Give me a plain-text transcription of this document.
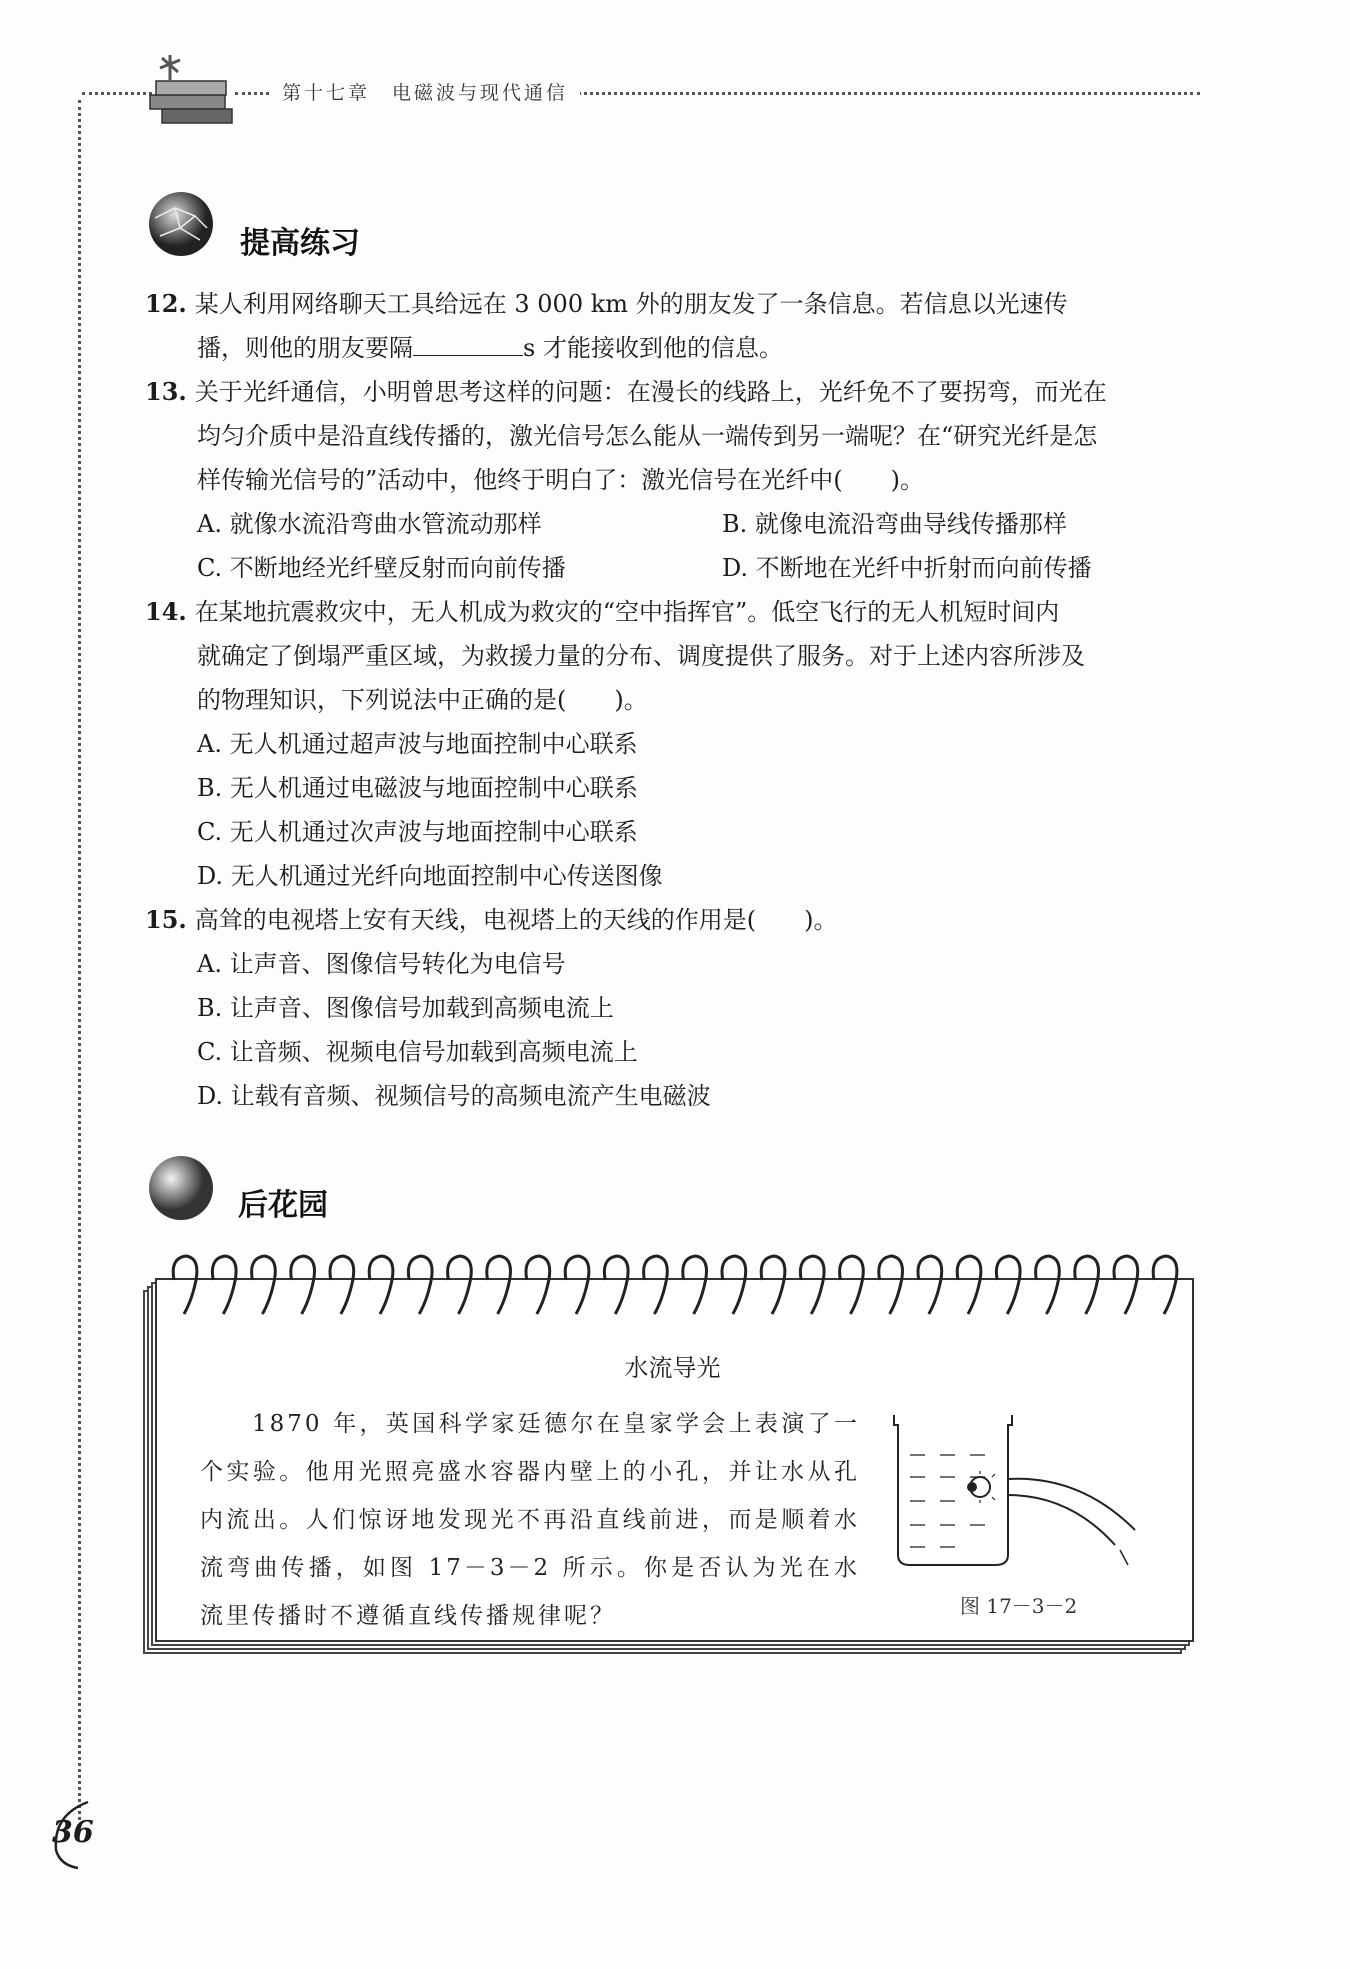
第十七章　电磁波与现代通信
提高练习
12. 某人利用网络聊天工具给远在 3 000 km 外的朋友发了一条信息。若信息以光速传
播，则他的朋友要隔	s 才能接收到他的信息。
13. 关于光纤通信，小明曾思考这样的问题：在漫长的线路上，光纤免不了要拐弯，而光在
均匀介质中是沿直线传播的，激光信号怎么能从一端传到另一端呢？在“研究光纤是怎
样传输光信号的”活动中，他终于明白了：激光信号在光纤中(　　)。
A. 就像水流沿弯曲水管流动那样	B. 就像电流沿弯曲导线传播那样
C. 不断地经光纤壁反射而向前传播	D. 不断地在光纤中折射而向前传播
14. 在某地抗震救灾中，无人机成为救灾的“空中指挥官”。低空飞行的无人机短时间内
就确定了倒塌严重区域，为救援力量的分布、调度提供了服务。对于上述内容所涉及
的物理知识，下列说法中正确的是(　　)。
A. 无人机通过超声波与地面控制中心联系
B. 无人机通过电磁波与地面控制中心联系
C. 无人机通过次声波与地面控制中心联系
D. 无人机通过光纤向地面控制中心传送图像
15. 高耸的电视塔上安有天线，电视塔上的天线的作用是(　　)。
A. 让声音、图像信号转化为电信号
B. 让声音、图像信号加载到高频电流上
C. 让音频、视频电信号加载到高频电流上
D. 让载有音频、视频信号的高频电流产生电磁波
后花园
水流导光

1870 年，英国科学家廷德尔在皇家学会上表演了一个实验。他用光照亮盛水容器内壁上的小孔，并让水从孔内流出。人们惊讶地发现光不再沿直线前进，而是顺着水流弯曲传播，如图 17－3－2 所示。你是否认为光在水流里传播时不遵循直线传播规律呢？	图 17－3－2
36
